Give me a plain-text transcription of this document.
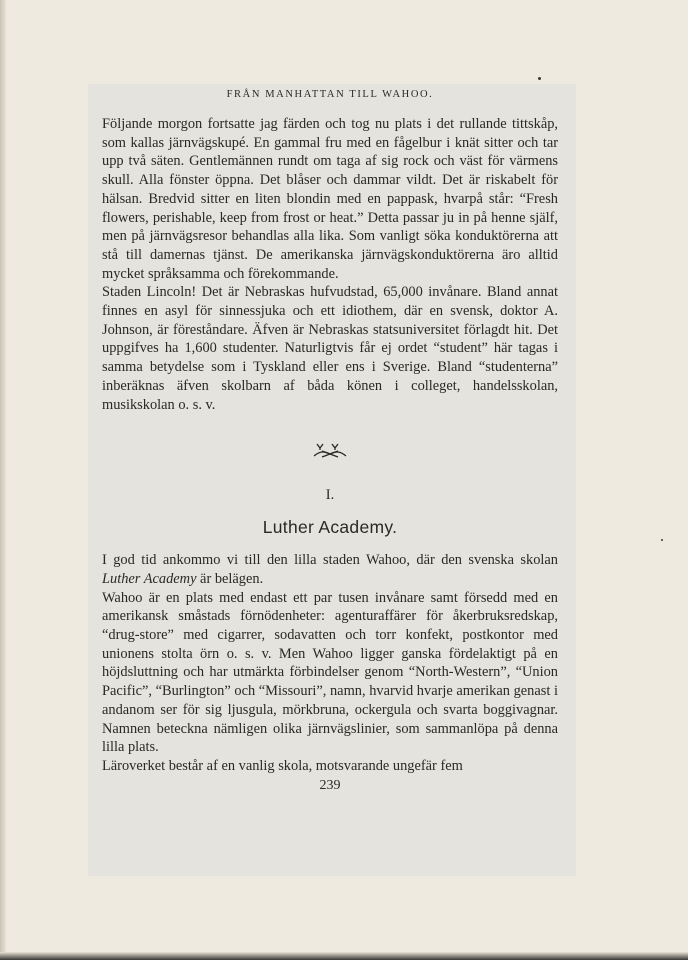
FRÅN MANHATTAN TILL WAHOO.

Följande morgon fortsatte jag färden och tog nu plats i det rullande tittskåp, som kallas järnvägskupé. En gammal fru med en fågelbur i knät sitter och tar upp två säten. Gentlemännen rundt om taga af sig rock och väst för värmens skull. Alla fönster öppna. Det blåser och dammar vildt. Det är riskabelt för hälsan. Bredvid sitter en liten blondin med en pappask, hvarpå står: “Fresh flowers, perishable, keep from frost or heat.” Detta passar ju in på henne själf, men på järnvägsresor behandlas alla lika. Som vanligt söka konduktörerna att stå till damernas tjänst. De amerikanska järnvägskonduktörerna äro alltid mycket språksamma och förekommande.

Staden Lincoln! Det är Nebraskas hufvudstad, 65,000 invånare. Bland annat finnes en asyl för sinnessjuka och ett idiothem, där en svensk, doktor A. Johnson, är föreståndare. Äfven är Nebraskas statsuniversitet förlagdt hit. Det uppgifves ha 1,600 studenter. Naturligtvis får ej ordet “student” här tagas i samma betydelse som i Tyskland eller ens i Sverige. Bland “studenterna” inberäknas äfven skolbarn af båda könen i colleget, handelsskolan, musikskolan o. s. v.

I.
Luther Academy.

I god tid ankommo vi till den lilla staden Wahoo, där den svenska skolan Luther Academy är belägen.

Wahoo är en plats med endast ett par tusen invånare samt försedd med en amerikansk småstads förnödenheter: agenturaffärer för åkerbruksredskap, “drug-store” med cigarrer, sodavatten och torr konfekt, postkontor med unionens stolta örn o. s. v. Men Wahoo ligger ganska fördelaktigt på en höjdsluttning och har utmärkta förbindelser genom “North-Western”, “Union Pacific”, “Burlington” och “Missouri”, namn, hvarvid hvarje amerikan genast i andanom ser för sig ljusgula, mörkbruna, ockergula och svarta boggivagnar. Namnen beteckna nämligen olika järnvägslinier, som sammanlöpa på denna lilla plats.

Läroverket består af en vanlig skola, motsvarande ungefär fem

239
